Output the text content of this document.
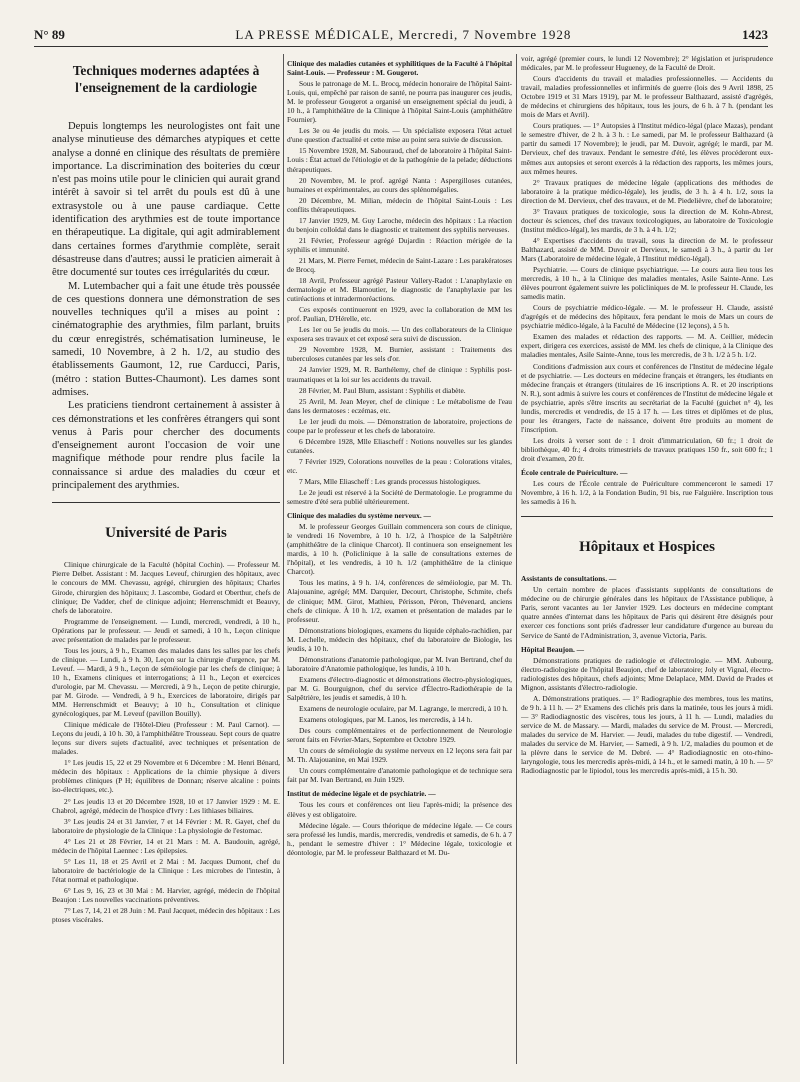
N° 89	LA PRESSE MÉDICALE, Mercredi, 7 Novembre 1928	1423
Techniques modernes adaptées à l'enseignement de la cardiologie

Depuis longtemps les neurologistes ont fait une analyse minutieuse des démarches atypiques et cette analyse a donné en clinique des résultats de première importance. La discrimination des boiteries du cœur n'est pas moins utile pour le clinicien qui aurait grand intérêt à savoir si tel arrêt du pouls est dû à une extrasystole ou à une pause cardiaque. Cette identification des arythmies est de toute importance en thérapeutique. La digitale, qui agit admirablement dans certaines formes d'arythmie complète, serait désastreuse dans d'autres; aussi le praticien aimerait à être documenté sur toutes ces irrégularités du cœur.

M. Lutembacher qui a fait une étude très poussée de ces questions donnera une démonstration de ses nouvelles techniques qu'il a mises au point : cinématographie des arythmies, film parlant, bruits du cœur enregistrés, schématisation lumineuse, le samedi, 10 Novembre, à 2 h. 1/2, au studio des établissements Gaumont, 12, rue Carducci, Paris, (métro : station Buttes-Chaumont). Les dames sont admises.

Les praticiens tiendront certainement à assister à ces démonstrations et les confrères étrangers qui sont venus à Paris pour chercher des documents d'enseignement auront l'occasion de voir une magnifique méthode pour rendre plus facile la connaissance si ardue des maladies du cœur et principalement des arythmies.

Université de Paris

Clinique chirurgicale de la Faculté (hôpital Cochin). — Professeur M. Pierre Delbet. Assistant : M. Jacques Leveuf, chirurgien des hôpitaux, avec le concours de MM. Chevassu, agrégé, chirurgien des hôpitaux; Charles Girode, chirurgien des hôpitaux; J. Lascombe, Godard et Oberthur, chefs de clinique; De Vadder, chef de clinique adjoint; Herrenschmidt et Beauvy, chefs de laboratoire.

Programme de l'enseignement. — Lundi, mercredi, vendredi, à 10 h., Opérations par le professeur. — Jeudi et samedi, à 10 h., Leçon clinique avec présentation de malades par le professeur.

Tous les jours, à 9 h., Examen des malades dans les salles par les chefs de clinique. — Lundi, à 9 h. 30, Leçon sur la chirurgie d'urgence, par M. Leveuf. — Mardi, à 9 h., Leçon de séméiologie par les chefs de clinique; à 10 h., Examens cliniques et interrogations; à 11 h., Leçon et exercices d'urologie, par M. Chevassu. — Mercredi, à 9 h., Leçon de petite chirurgie, par M. Girode. — Vendredi, à 9 h., Exercices de laboratoire, dirigés par MM. Herrenschmidt et Beauvy; à 10 h., Consultation et clinique gynécologiques, par M. Leveuf (pavillon Bouilly).

Clinique médicale de l'Hôtel-Dieu (Professeur : M. Paul Carnot). — Leçons du jeudi, à 10 h. 30, à l'amphithéâtre Trousseau. Sept cours de quatre leçons sur divers sujets d'actualité, avec techniques et présentation de malades.

1° Les jeudis 15, 22 et 29 Novembre et 6 Décembre : M. Henri Bénard, médecin des hôpitaux : Applications de la chimie physique à divers problèmes cliniques (P H; équilibres de Donnan; réserve alcaline : points iso-électriques, etc.).

2° Les jeudis 13 et 20 Décembre 1928, 10 et 17 Janvier 1929 : M. E. Chabrol, agrégé, médecin de l'hospice d'Ivry : Les lithiases biliaires.

3° Les jeudis 24 et 31 Janvier, 7 et 14 Février : M. R. Gayet, chef du laboratoire de physiologie de la Clinique : La physiologie de l'estomac.

4° Les 21 et 28 Février, 14 et 21 Mars : M. A. Baudouin, agrégé, médecin de l'hôpital Laennec : Les épilepsies.

5° Les 11, 18 et 25 Avril et 2 Mai : M. Jacques Dumont, chef du laboratoire de bactériologie de la Clinique : Les microbes de l'intestin, à l'état normal et pathologique.

6° Les 9, 16, 23 et 30 Mai : M. Harvier, agrégé, médecin de l'hôpital Beaujon : Les nouvelles vaccinations préventives.

7° Les 7, 14, 21 et 28 Juin : M. Paul Jacquet, médecin des hôpitaux : Les ptoses viscérales.

Clinique des maladies cutanées et syphilitiques de la Faculté à l'hôpital Saint-Louis. — Professeur : M. Gougerot.

Sous le patronage de M. L. Brocq, médecin honoraire de l'hôpital Saint-Louis, qui, empêché par raison de santé, ne pourra pas inaugurer ces jeudis, M. le professeur Gougerot a organisé un enseignement spécial du jeudi, à 10 h., à l'amphithéâtre de la Clinique à l'hôpital Saint-Louis (amphithéâtre Fournier).

Les 3e ou 4e jeudis du mois. — Un spécialiste exposera l'état actuel d'une question d'actualité et cette mise au point sera suivie de discussion.

15 Novembre 1928, M. Sabouraud, chef de laboratoire à l'hôpital Saint-Louis : État actuel de l'étiologie et de la pathogénie de la pelade; déductions thérapeutiques.

20 Novembre, M. le prof. agrégé Nanta : Aspergilloses cutanées, humaines et expérimentales, au cours des splénomégalies.

20 Décembre, M. Milian, médecin de l'hôpital Saint-Louis : Les conflits thérapeutiques.

17 Janvier 1929, M. Guy Laroche, médecin des hôpitaux : La réaction du benjoin colloïdal dans le diagnostic et traitement des syphilis nerveuses.

21 Février, Professeur agrégé Dujardin : Réaction mérigée de la syphilis et immunité.

21 Mars, M. Pierre Fernet, médecin de Saint-Lazare : Les parakératoses de Brocq.

18 Avril, Professeur agrégé Pasteur Vallery-Radot : L'anaphylaxie en dermatologie et M. Blamoutier, le diagnostic de l'anaphylaxie par les cutiréactions et intradermoréactions.

Ces exposés continueront en 1929, avec la collaboration de MM les prof. Paulian, D'Hérelle, etc.

Les 1er ou 5e jeudis du mois. — Un des collaborateurs de la Clinique exposera ses travaux et cet exposé sera suivi de discussion.

29 Novembre 1928, M. Burnier, assistant : Traitements des tuberculoses cutanées par les sels d'or.

24 Janvier 1929, M. R. Barthélemy, chef de clinique : Syphilis post-traumatiques et la loi sur les accidents du travail.

28 Février, M. Paul Blum, assistant : Syphilis et diabète.

25 Avril, M. Jean Meyer, chef de clinique : Le métabolisme de l'eau dans les dermatoses : eczémas, etc.

Le 1er jeudi du mois. — Démonstration de laboratoire, projections de coupe par le professeur et les chefs de laboratoire.

6 Décembre 1928, Mlle Eliascheff : Notions nouvelles sur les glandes cutanées.

7 Février 1929, Colorations nouvelles de la peau : Colorations vitales, etc.

7 Mars, Mlle Eliascheff : Les grands processus histologiques.

Le 2e jeudi est réservé à la Société de Dermatologie. Le programme du semestre d'été sera publié ultérieurement.

Clinique des maladies du système nerveux. —

M. le professeur Georges Guillain commencera son cours de clinique, le vendredi 16 Novembre, à 10 h. 1/2, à l'hospice de la Salpêtrière (amphithéâtre de la clinique Charcot). Il continuera son enseignement les mardis, à 10 h. (Policlinique à la salle de consultations externes de l'hôpital), et les vendredis, à 10 h. 1/2 (amphithéâtre de la clinique Charcot).

Tous les matins, à 9 h. 1/4, conférences de séméiologie, par M. Th. Alajouanine, agrégé; MM. Darquier, Decourt, Christophe, Schmite, chefs de clinique; MM. Girot, Mathieu, Périsson, Péron, Thévenard, anciens chefs de clinique. À 10 h. 1/2, examen et présentation de malades par le professeur.

Démonstrations biologiques, examens du liquide céphalo-rachidien, par M. Lechelle, médecin des hôpitaux, chef du laboratoire de Biologie, les jeudis, à 10 h.

Démonstrations d'anatomie pathologique, par M. Ivan Bertrand, chef du laboratoire d'Anatomie pathologique, les lundis, à 10 h.

Examens d'électro-diagnostic et démonstrations électro-physiologiques, par M. G. Bourguignon, chef du service d'Électro-Radiothérapie de la Salpêtrière, les jeudis et samedis, à 10 h.

Examens de neurologie oculaire, par M. Lagrange, le mercredi, à 10 h.

Examens otologiques, par M. Lanos, les mercredis, à 14 h.

Des cours complémentaires et de perfectionnement de Neurologie seront faits en Février-Mars, Septembre et Octobre 1929.

Un cours de séméiologie du système nerveux en 12 leçons sera fait par M. Th. Alajouanine, en Mai 1929.

Un cours complémentaire d'anatomie pathologique et de technique sera fait par M. Ivan Bertrand, en Juin 1929.

Institut de médecine légale et de psychiatrie. —

Tous les cours et conférences ont lieu l'après-midi; la présence des élèves y est obligatoire.

Médecine légale. — Cours théorique de médecine légale. — Ce cours sera professé les lundis, mardis, mercredis, vendredis et samedis, de 6 h. à 7 h., pendant le semestre d'hiver : 1° Médecine légale, toxicologie et déontologie, par M. le professeur Balthazard et M. Du-

voir, agrégé (premier cours, le lundi 12 Novembre); 2° législation et jurisprudence médicales, par M. le professeur Hugueney, de la Faculté de Droit.

Cours d'accidents du travail et maladies professionnelles. — Accidents du travail, maladies professionnelles et infirmités de guerre (lois des 9 Avril 1898, 25 Octobre 1919 et 31 Mars 1919), par M. le professeur Balthazard, assisté d'agrégés, de médecins et chirurgiens des hôpitaux, tous les jours, de 6 h. à 7 h. (pendant les mois de Mars et Avril).

Cours pratiques. — 1° Autopsies à l'Institut médico-légal (place Mazas), pendant le semestre d'hiver, de 2 h. à 3 h. : Le samedi, par M. le professeur Balthazard (à partir du samedi 17 Novembre); le jeudi, par M. Duvoir, agrégé; le mardi, par M. Dervieux, chef des travaux. Pendant le semestre d'été, les élèves procéderont eux-mêmes aux autopsies et seront exercés à la rédaction des rapports, les mêmes jours, aux mêmes heures.

2° Travaux pratiques de médecine légale (applications des méthodes de laboratoire à la pratique médico-légale), les jeudis, de 3 h. à 4 h. 1/2, sous la direction de M. Dervieux, chef des travaux, et de M. Piedelièvre, chef de laboratoire;

3° Travaux pratiques de toxicologie, sous la direction de M. Kohn-Abrest, docteur ès sciences, chef des travaux toxicologiques, au laboratoire de Toxicologie (Institut médico-légal), les mardis, de 3 h. à 4 h. 1/2;

4° Expertises d'accidents du travail, sous la direction de M. le professeur Balthazard, assisté de MM. Duvoir et Dervieux, le samedi à 3 h., à partir du 1er Mars (Laboratoire de médecine légale, à l'Institut médico-légal).

Psychiatrie. — Cours de clinique psychiatrique. — Le cours aura lieu tous les mercredis, à 10 h., à la Clinique des maladies mentales, Asile Sainte-Anne. Les élèves pourront également suivre les policliniques de M. le professeur H. Claude, les samedis matin.

Cours de psychiatrie médico-légale. — M. le professeur H. Claude, assisté d'agrégés et de médecins des hôpitaux, fera pendant le mois de Mars un cours de psychiatrie médico-légale, à la Faculté de Médecine (12 leçons), à 5 h.

Examen des malades et rédaction des rapports. — M. A. Ceillier, médecin expert, dirigera ces exercices, assisté de MM. les chefs de clinique, à la Clinique des maladies mentales, Asile Sainte-Anne, tous les mercredis, de 3 h. 1/2 à 5 h. 1/2.

Conditions d'admission aux cours et conférences de l'Institut de médecine légale et de psychiatrie. — Les docteurs en médecine français et étrangers, les étudiants en médecine français et étrangers (titulaires de 16 inscriptions A. R. et 20 inscriptions N. R.), sont admis à suivre les cours et conférences de l'Institut de médecine légale et de psychiatrie, après s'être inscrits au secrétariat de la Faculté (guichet n° 4), les lundis, mercredis et vendredis, de 15 à 17 h. — Les titres et diplômes et de plus, pour les étrangers, l'acte de naissance, doivent être produits au moment de l'inscription.

Les droits à verser sont de : 1 droit d'immatriculation, 60 fr.; 1 droit de bibliothèque, 40 fr.; 4 droits trimestriels de travaux pratiques 150 fr., soit 600 fr.; 1 droit d'examen, 20 fr.

École centrale de Puériculture. —

Les cours de l'École centrale de Puériculture commenceront le samedi 17 Novembre, à 16 h. 1/2, à la Fondation Budin, 91 bis, rue Falguière. Inscription tous les samedis à 16 h.

Hôpitaux et Hospices

Assistants de consultations. —

Un certain nombre de places d'assistants suppléants de consultations de médecine ou de chirurgie générales dans les hôpitaux de l'Assistance publique, à Paris, seront vacantes au 1er Janvier 1929. Les docteurs en médecine comptant quatre années d'internat dans les hôpitaux de Paris qui désirent être désignés pour exercer ces fonctions sont priés d'adresser leur candidature d'urgence au bureau du Service de Santé de l'Administration, 3, avenue Victoria, Paris.

Hôpital Beaujon. —

Démonstrations pratiques de radiologie et d'électrologie. — MM. Aubourg, électro-radiologiste de l'hôpital Beaujon, chef de laboratoire; Joly et Vignal, électro-radiologistes des hôpitaux, chefs adjoints; Mme Delaplace, MM. David de Prades et Mignon, assistants d'électro-radiologie.

A. Démonstrations pratiques. — 1° Radiographie des membres, tous les matins, de 9 h. à 11 h. — 2° Examens des clichés pris dans la matinée, tous les jours à midi. — 3° Radiodiagnostic des viscères, tous les jours, à 11 h. — Lundi, maladies du service de M. de Massary. — Mardi, malades du service de M. Proust. — Mercredi, malades du service de M. Harvier. — Jeudi, malades du tube digestif. — Vendredi, malades du service de M. Harvier, — Samedi, à 9 h. 1/2, maladies du poumon et de la plèvre dans le service de M. Debré. — 4° Radiodiagnostic en oto-rhino-laryngologie, tous les mercredis après-midi, à 14 h., et le samedi matin, à 10 h. — 5° Radiodiagnostic par le lipiodol, tous les mercredis après-midi, à 15 h. 30.
